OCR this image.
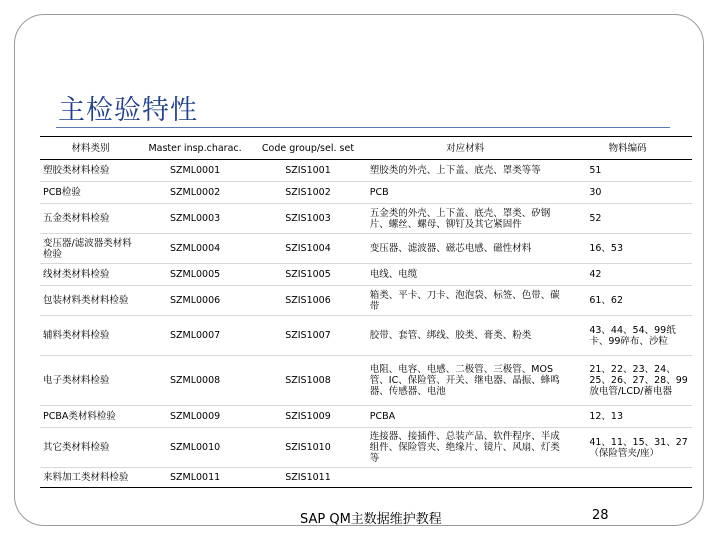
主检验特性
材料类别	Master insp.charac.	Code group/sel. set	对应材料	物料编码
塑胶类材料检验	SZML0001	SZIS1001	塑胶类的外壳、上下盖、底壳、罩类等等	51
PCB检验	SZML0002	SZIS1002	PCB	30
五金类材料检验	SZML0003	SZIS1003	五金类的外壳、上下盖、底壳、罩类、矽钢片、螺丝、螺母、铆钉及其它紧固件	52
变压器/滤波器类材料检验	SZML0004	SZIS1004	变压器、滤波器、磁芯电感、磁性材料	16、53
线材类材料检验	SZML0005	SZIS1005	电线、电缆	42
包装材料类材料检验	SZML0006	SZIS1006	箱类、平卡、刀卡、泡泡袋、标签、色带、碳带	61、62
辅料类材料检验	SZML0007	SZIS1007	胶带、套管、绑线、胶类、膏类、粉类	43、44、54、99纸卡、99碎布、沙粒
电子类材料检验	SZML0008	SZIS1008	电阻、电容、电感、二极管、三极管、MOS管、IC、保险管、开关、继电器、晶振、蜂鸣器、传感器、电池	21、22、23、24、25、26、27、28、99放电管/LCD/蓄电器
PCBA类材料检验	SZML0009	SZIS1009	PCBA	12、13
其它类材料检验	SZML0010	SZIS1010	连接器、接插件、总装产品、软件程序、半成组件、保险管夹、绝缘片、镜片、风扇、灯类等	41、11、15、31、27（保险管夹/座）
来料加工类材料检验	SZML0011	SZIS1011		
SAP QM主数据维护教程	28
